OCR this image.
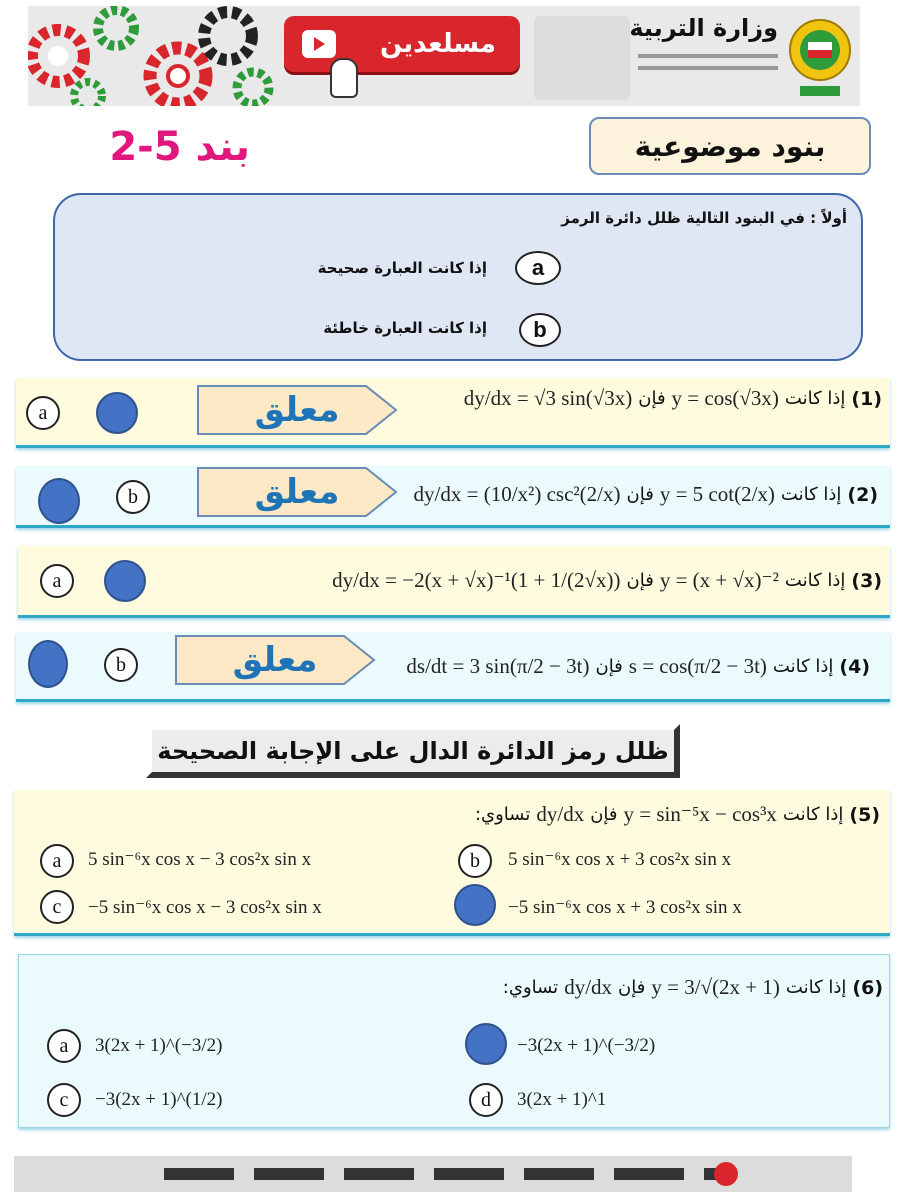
مسلعدين
وزارة التربية
بنود موضوعية
بند 5-2
أولاً : في البنود التالية ظلل دائرة الرمز
a
إذا كانت العبارة صحيحة
b
إذا كانت العبارة خاطئة
a	معلق	(1)
إذا كانت
y = cos(√3x)
فإن
dy/dx = √3 sin(√3x)
b	معلق	(2)
إذا كانت
y = 5 cot(2/x)
فإن
dy/dx = (10/x²) csc²(2/x)
a	(3)
إذا كانت
y = (x + √x)⁻²
فإن
dy/dx = −2(x + √x)⁻¹(1 + 1/(2√x))
b	معلق	(4)
إذا كانت
s = cos(π/2 − 3t)
فإن
ds/dt = 3 sin(π/2 − 3t)
ظلل رمز الدائرة الدال على الإجابة الصحيحة
(5)
إذا كانت
y = sin⁻⁵x − cos³x
فإن
dy/dx
تساوي:
a 5 sin⁻⁶x cos x − 3 cos²x sin x	b 5 sin⁻⁶x cos x + 3 cos²x sin x
c −5 sin⁻⁶x cos x − 3 cos²x sin x	d −5 sin⁻⁶x cos x + 3 cos²x sin x
(6)
إذا كانت
y = 3/√(2x + 1)
فإن
dy/dx
تساوي:
a 3(2x + 1)^(−3/2)	b −3(2x + 1)^(−3/2)
c −3(2x + 1)^(1/2)	d 3(2x + 1)^1
